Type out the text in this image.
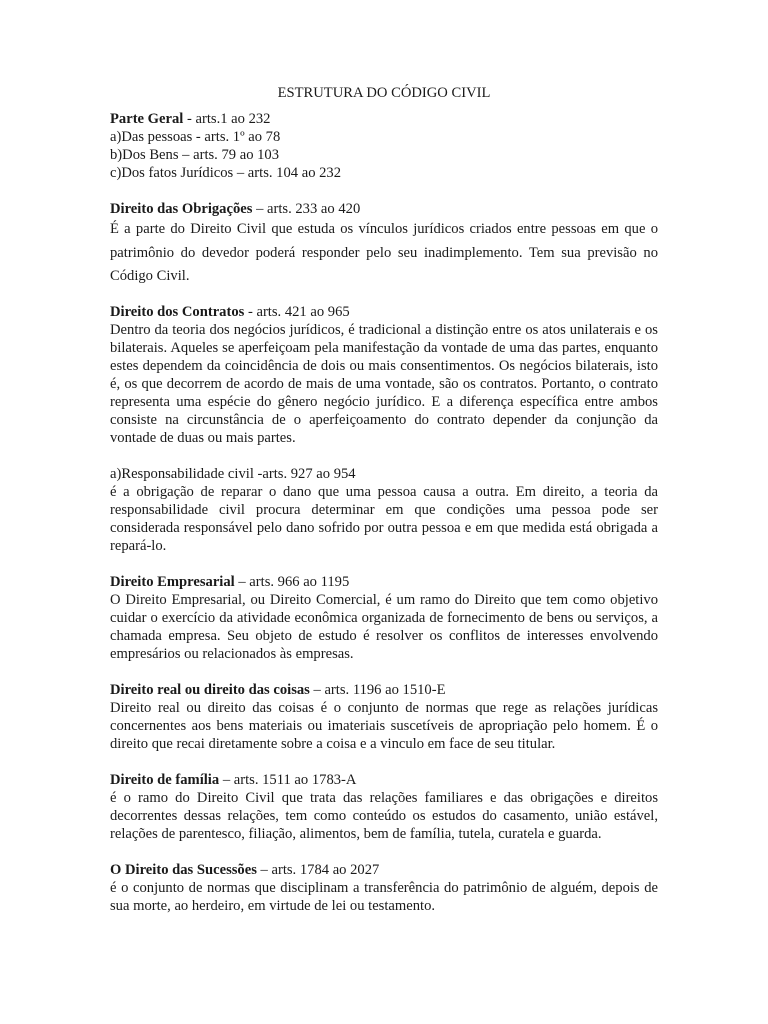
ESTRUTURA DO CÓDIGO CIVIL

Parte Geral - arts.1 ao 232

a)Das pessoas - arts. 1º ao 78

b)Dos Bens – arts. 79 ao 103

c)Dos fatos Jurídicos – arts. 104 ao 232

Direito das Obrigações – arts. 233 ao 420

É a parte do Direito Civil que estuda os vínculos jurídicos criados entre pessoas em que o patrimônio do devedor poderá responder pelo seu inadimplemento. Tem sua previsão no Código Civil.

Direito dos Contratos - arts. 421 ao 965

Dentro da teoria dos negócios jurídicos, é tradicional a distinção entre os atos unilaterais e os bilaterais. Aqueles se aperfeiçoam pela manifestação da vontade de uma das partes, enquanto estes dependem da coincidência de dois ou mais consentimentos. Os negócios bilaterais, isto é, os que decorrem de acordo de mais de uma vontade, são os contratos. Portanto, o contrato representa uma espécie do gênero negócio jurídico. E a diferença específica entre ambos consiste na circunstância de o aperfeiçoamento do contrato depender da conjunção da vontade de duas ou mais partes.

a)Responsabilidade civil -arts. 927 ao 954

é a obrigação de reparar o dano que uma pessoa causa a outra. Em direito, a teoria da responsabilidade civil procura determinar em que condições uma pessoa pode ser considerada responsável pelo dano sofrido por outra pessoa e em que medida está obrigada a repará-lo.

Direito Empresarial – arts. 966 ao 1195

O Direito Empresarial, ou Direito Comercial, é um ramo do Direito que tem como objetivo cuidar o exercício da atividade econômica organizada de fornecimento de bens ou serviços, a chamada empresa. Seu objeto de estudo é resolver os conflitos de interesses envolvendo empresários ou relacionados às empresas.

Direito real ou direito das coisas – arts. 1196 ao 1510-E

Direito real ou direito das coisas é o conjunto de normas que rege as relações jurídicas concernentes aos bens materiais ou imateriais suscetíveis de apropriação pelo homem. É o direito que recai diretamente sobre a coisa e a vinculo em face de seu titular.

Direito de família – arts. 1511 ao 1783-A

é o ramo do Direito Civil que trata das relações familiares e das obrigações e direitos decorrentes dessas relações, tem como conteúdo os estudos do casamento, união estável, relações de parentesco, filiação, alimentos, bem de família, tutela, curatela e guarda.

O Direito das Sucessões – arts. 1784 ao 2027

é o conjunto de normas que disciplinam a transferência do patrimônio de alguém, depois de sua morte, ao herdeiro, em virtude de lei ou testamento.
